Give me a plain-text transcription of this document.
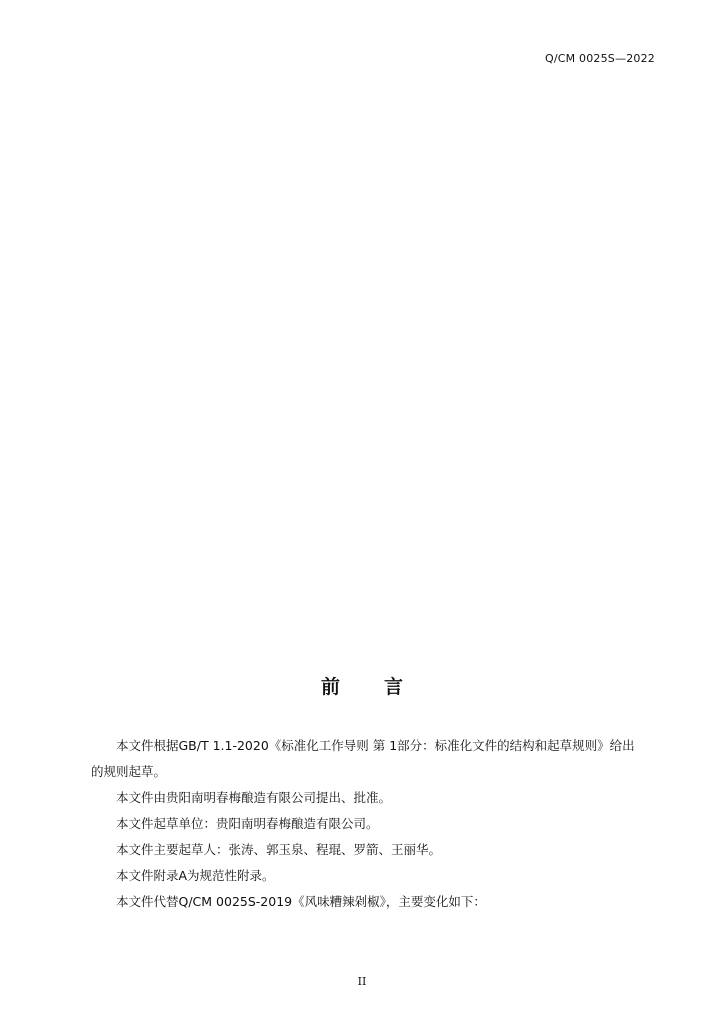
Q/CM 0025S—2022
前 言

本文件根据GB/T 1.1-2020《标准化工作导则 第 1部分：标准化文件的结构和起草规则》给出

的规则起草。

本文件由贵阳南明春梅酿造有限公司提出、批准。

本文件起草单位：贵阳南明春梅酿造有限公司。

本文件主要起草人：张涛、郭玉泉、程琨、罗箭、王丽华。

本文件附录A为规范性附录。

本文件代替Q/CM 0025S-2019《风味糟辣剁椒》，主要变化如下：

II
